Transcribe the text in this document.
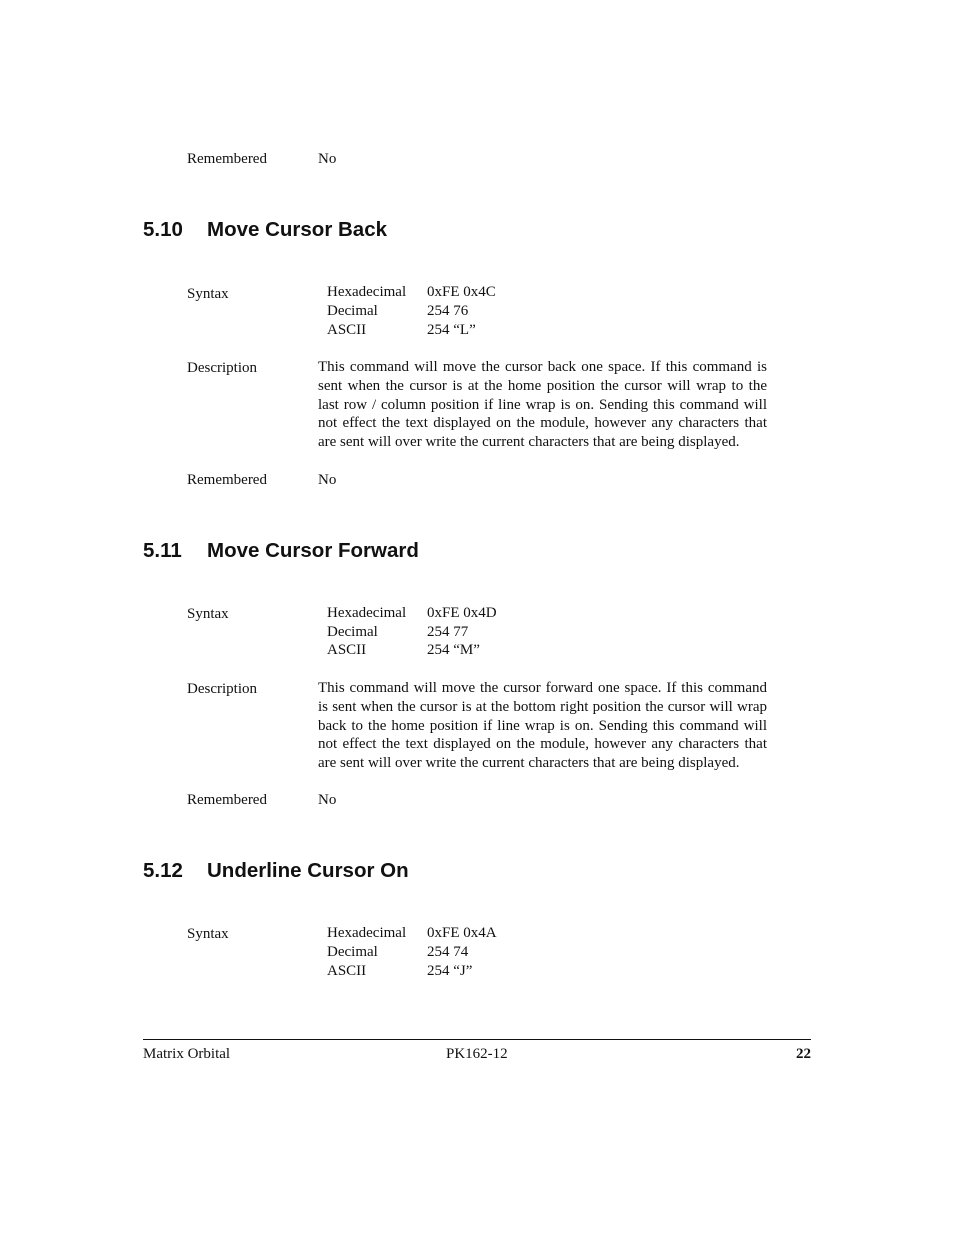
Remembered	No
5.10 Move Cursor Back
Syntax	Hexadecimal 0xFE 0x4C
Decimal	254 76
ASCII	254 “L”
Description	This command will move the cursor back one space. If this command is sent when the cursor is at the home position the cursor will wrap to the last row / column position if line wrap is on. Sending this command will not effect the text displayed on the module, however any characters that are sent will over write the current characters that are being displayed.

Remembered	No
5.11 Move Cursor Forward
Syntax	Hexadecimal 0xFE 0x4D
Decimal	254 77
ASCII	254 “M”
Description	This command will move the cursor forward one space. If this command is sent when the cursor is at the bottom right position the cursor will wrap back to the home position if line wrap is on. Sending this command will not effect the text displayed on the module, however any characters that are sent will over write the current characters that are being displayed.

Remembered	No
5.12 Underline Cursor On
Syntax	Hexadecimal 0xFE 0x4A
Decimal	254 74
ASCII	254 “J”
Matrix Orbital	PK162-12	22
